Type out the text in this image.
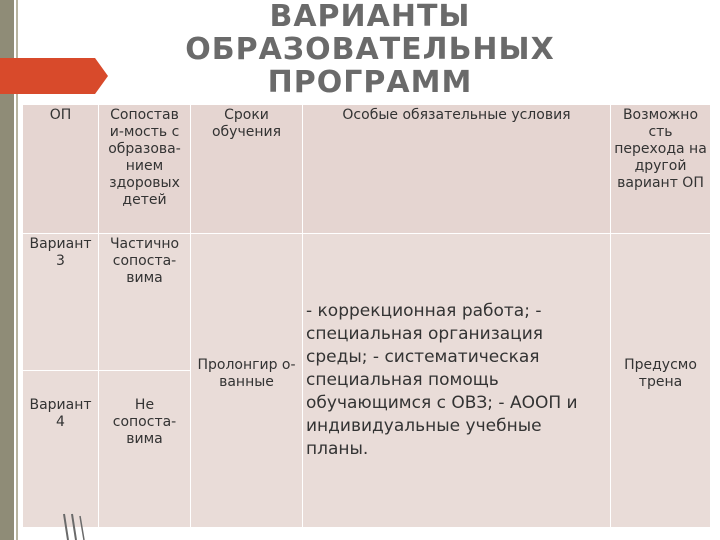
ВАРИАНТЫ ОБРАЗОВАТЕЛЬНЫХ ПРОГРАММ
ОП	Сопостав и-мость с образова- нием здоровых детей	Сроки обучения	Особые обязательные условия	Возможно сть перехода на другой вариант ОП
Вариант 3	Частично сопоста- вима	Пролонгир о-ванные	- коррекционная работа; - специальная организация среды; - систематическая специальная помощь обучающимся с ОВЗ; - АООП и индивидуальные учебные планы.	Предусмо трена

Вариант 4	Не сопоста- вима			
